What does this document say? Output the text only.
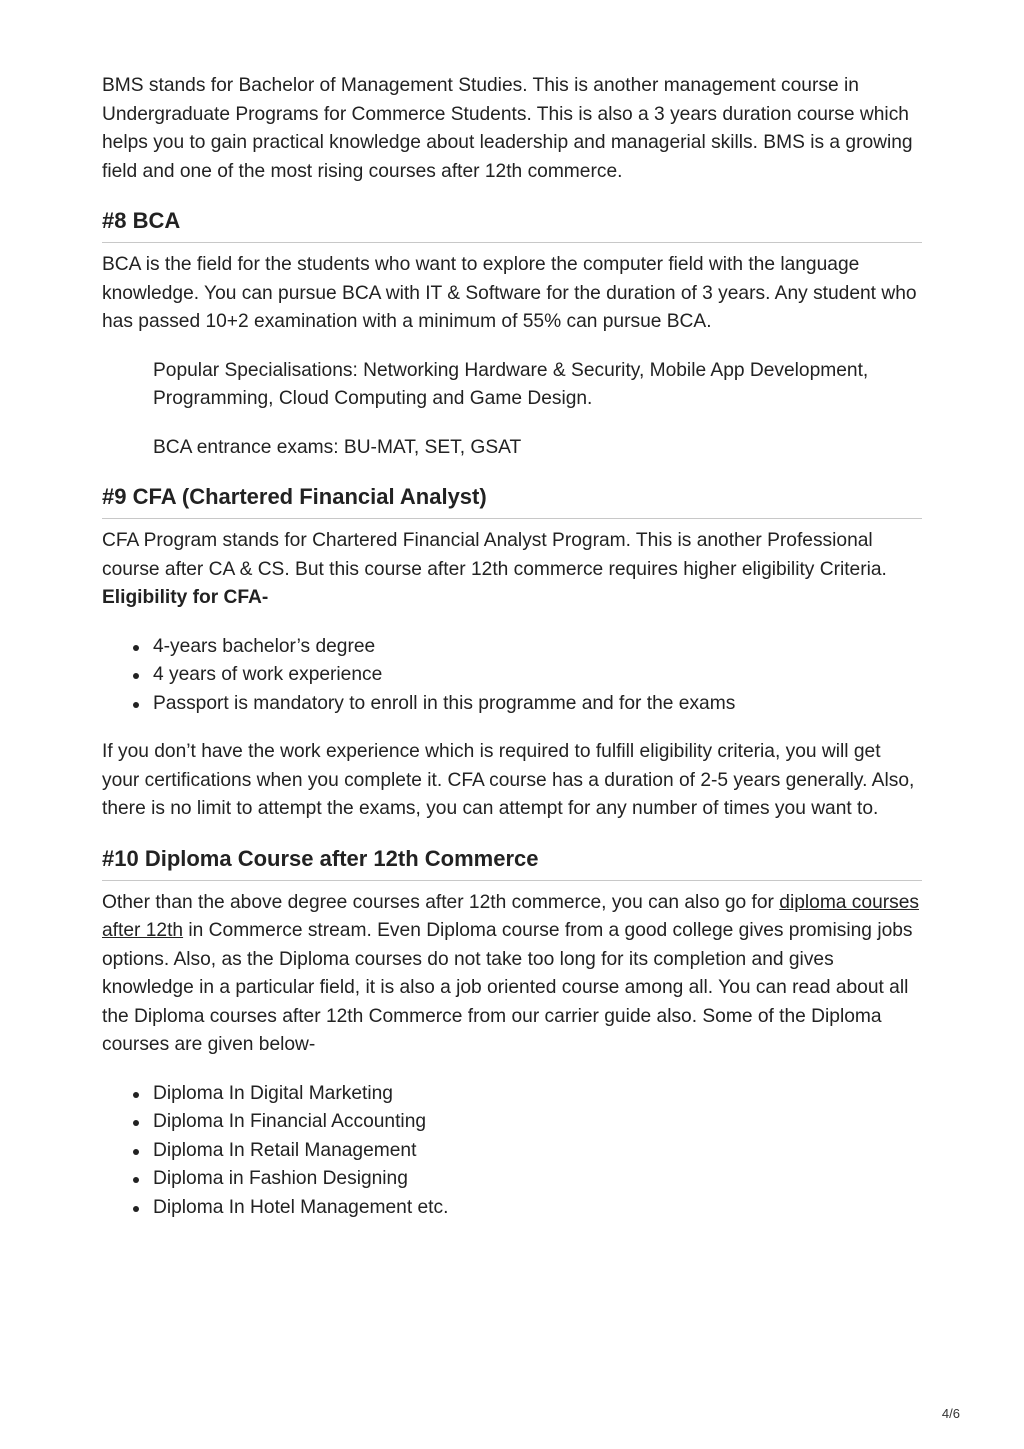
BMS stands for Bachelor of Management Studies. This is another management course in Undergraduate Programs for Commerce Students. This is also a 3 years duration course which helps you to gain practical knowledge about leadership and managerial skills. BMS is a growing field and one of the most rising courses after 12th commerce.

#8 BCA

BCA is the field for the students who want to explore the computer field with the language knowledge. You can pursue BCA with IT & Software for the duration of 3 years. Any student who has passed 10+2 examination with a minimum of 55% can pursue BCA.

Popular Specialisations: Networking Hardware & Security, Mobile App Development, Programming, Cloud Computing and Game Design.

BCA entrance exams: BU-MAT, SET, GSAT

#9 CFA (Chartered Financial Analyst)

CFA Program stands for Chartered Financial Analyst Program. This is another Professional course after CA & CS. But this course after 12th commerce requires higher eligibility Criteria.

Eligibility for CFA-

4-years bachelor’s degree
4 years of work experience
Passport is mandatory to enroll in this programme and for the exams

If you don’t have the work experience which is required to fulfill eligibility criteria, you will get your certifications when you complete it. CFA course has a duration of 2-5 years generally. Also, there is no limit to attempt the exams, you can attempt for any number of times you want to.

#10 Diploma Course after 12th Commerce

Other than the above degree courses after 12th commerce, you can also go for diploma courses after 12th in Commerce stream. Even Diploma course from a good college gives promising jobs options. Also, as the Diploma courses do not take too long for its completion and gives knowledge in a particular field, it is also a job oriented course among all. You can read about all the Diploma courses after 12th Commerce from our carrier guide also. Some of the Diploma courses are given below-

Diploma In Digital Marketing
Diploma In Financial Accounting
Diploma In Retail Management
Diploma in Fashion Designing
Diploma In Hotel Management etc.
4/6
